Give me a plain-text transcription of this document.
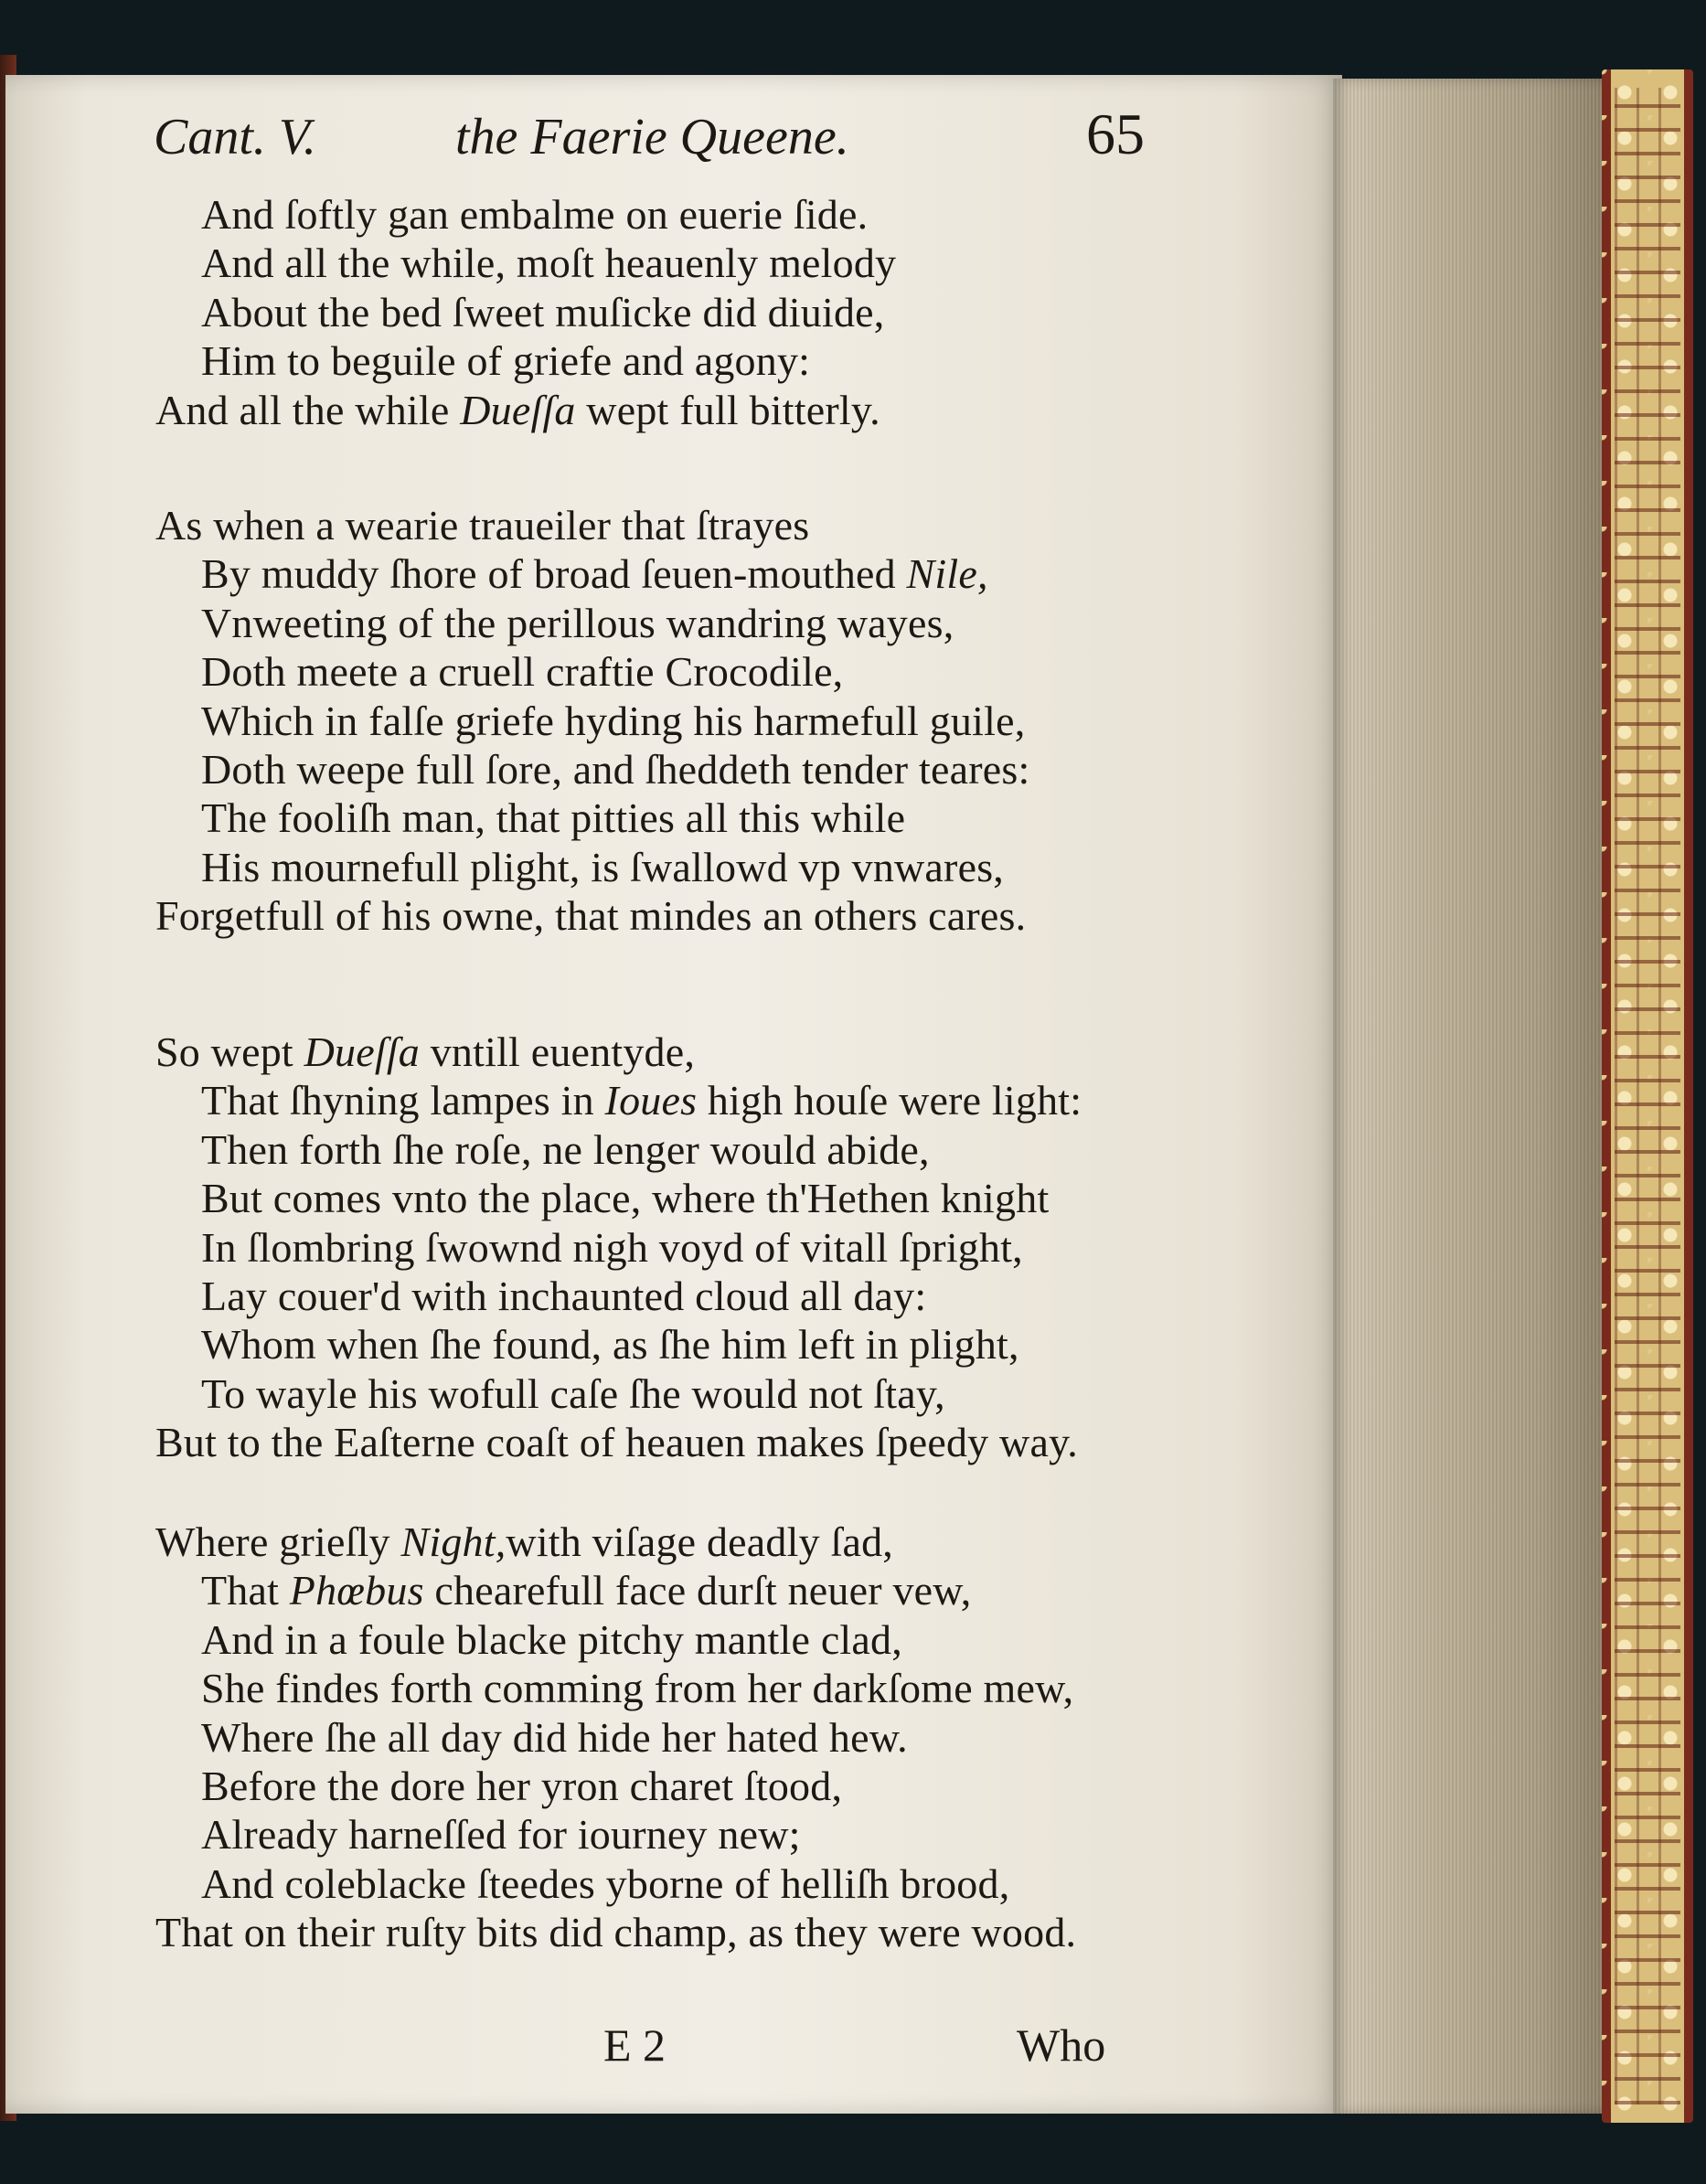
Cant. V.	the Faerie Queene.	65
E 2	Who
And ſoftly gan embalme on euerie ſide.
And all the while, moſt heauenly melody
About the bed ſweet muſicke did diuide,
Him to beguile of griefe and agony:
And all the while Dueſſa wept full bitterly.
As when a wearie traueiler that ſtrayes
By muddy ſhore of broad ſeuen-mouthed Nile,
Vnweeting of the perillous wandring wayes,
Doth meete a cruell craftie Crocodile,
Which in falſe griefe hyding his harmefull guile,
Doth weepe full ſore, and ſheddeth tender teares:
The fooliſh man, that pitties all this while
His mournefull plight, is ſwallowd vp vnwares,
Forgetfull of his owne, that mindes an others cares.
So wept Dueſſa vntill euentyde,
That ſhyning lampes in Ioues high houſe were light:
Then forth ſhe roſe, ne lenger would abide,
But comes vnto the place, where th'Hethen knight
In ſlombring ſwownd nigh voyd of vitall ſpright,
Lay couer'd with inchaunted cloud all day:
Whom when ſhe found, as ſhe him left in plight,
To wayle his wofull caſe ſhe would not ſtay,
But to the Eaſterne coaſt of heauen makes ſpeedy way.
Where grieſly Night,with viſage deadly ſad,
That Phœbus chearefull face durſt neuer vew,
And in a foule blacke pitchy mantle clad,
She findes forth comming from her darkſome mew,
Where ſhe all day did hide her hated hew.
Before the dore her yron charet ſtood,
Already harneſſed for iourney new;
And coleblacke ſteedes yborne of helliſh brood,
That on their ruſty bits did champ, as they were wood.
